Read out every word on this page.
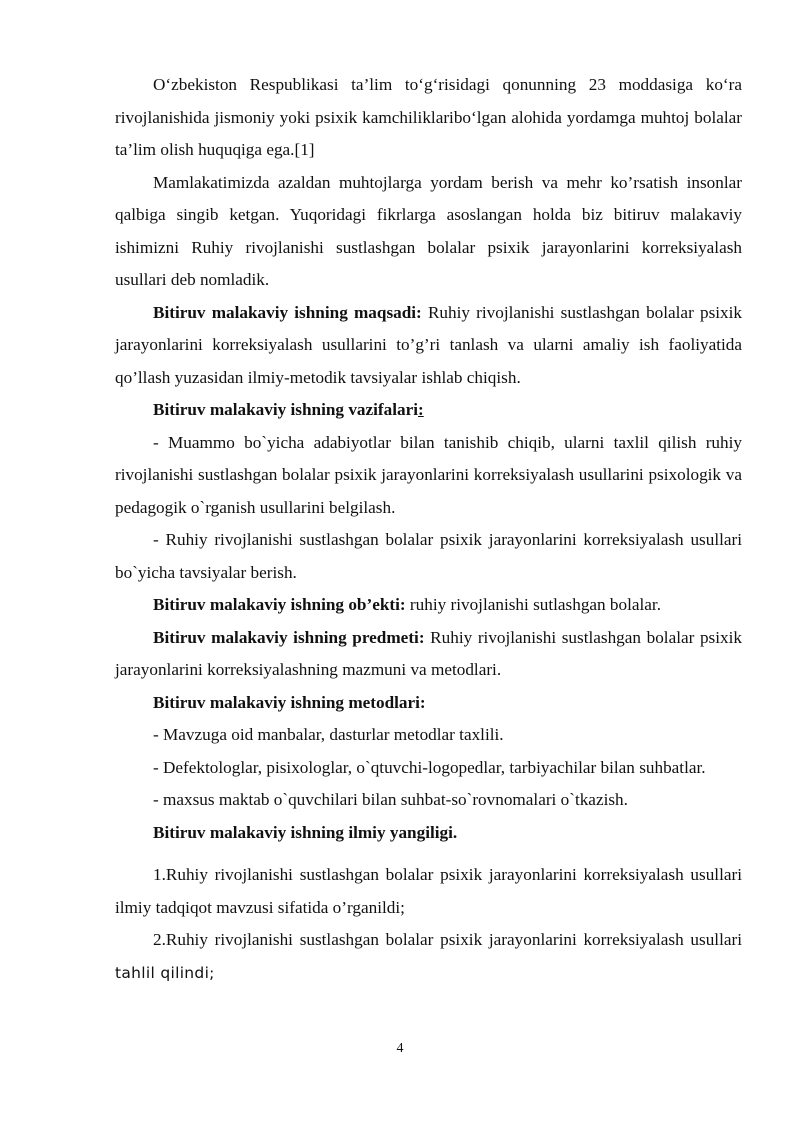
O‘zbekiston Respublikasi ta’lim to‘g‘risidagi qonunning 23 moddasiga ko‘ra rivojlanishida jismoniy yoki psixik kamchiliklaribo‘lgan alohida yordamga muhtoj bolalar ta’lim olish huquqiga ega.[1]

Mamlakatimizda azaldan muhtojlarga yordam berish va mehr ko’rsatish insonlar qalbiga singib ketgan. Yuqoridagi fikrlarga asoslangan holda biz bitiruv malakaviy ishimizni Ruhiy rivojlanishi sustlashgan bolalar psixik jarayonlarini korreksiyalash usullari deb nomladik.

Bitiruv malakaviy ishning maqsadi: Ruhiy rivojlanishi sustlashgan bolalar psixik jarayonlarini korreksiyalash usullarini to’g’ri tanlash va ularni amaliy ish faoliyatida qo’llash yuzasidan ilmiy-metodik tavsiyalar ishlab chiqish.

Bitiruv malakaviy ishning vazifalari:

- Muammo bo`yicha adabiyotlar bilan tanishib chiqib, ularni taxlil qilish ruhiy rivojlanishi sustlashgan bolalar psixik jarayonlarini korreksiyalash usullarini psixologik va pedagogik o`rganish usullarini belgilash.

- Ruhiy rivojlanishi sustlashgan bolalar psixik jarayonlarini korreksiyalash usullari bo`yicha tavsiyalar berish.

Bitiruv malakaviy ishning ob’ekti: ruhiy rivojlanishi sutlashgan bolalar.

Bitiruv malakaviy ishning predmeti: Ruhiy rivojlanishi sustlashgan bolalar psixik jarayonlarini korreksiyalashning mazmuni va metodlari.

Bitiruv malakaviy ishning metodlari:

- Mavzuga oid manbalar, dasturlar metodlar taxlili.

- Defektologlar, pisixologlar, o`qtuvchi-logopedlar, tarbiyachilar bilan suhbatlar.

- maxsus maktab o`quvchilari bilan suhbat-so`rovnomalari o`tkazish.

Bitiruv malakaviy ishning ilmiy yangiligi.

1.Ruhiy rivojlanishi sustlashgan bolalar psixik jarayonlarini korreksiyalash usullari ilmiy tadqiqot mavzusi sifatida o’rganildi;

2.Ruhiy rivojlanishi sustlashgan bolalar psixik jarayonlarini korreksiyalash usullari tahlil qilindi;

4
